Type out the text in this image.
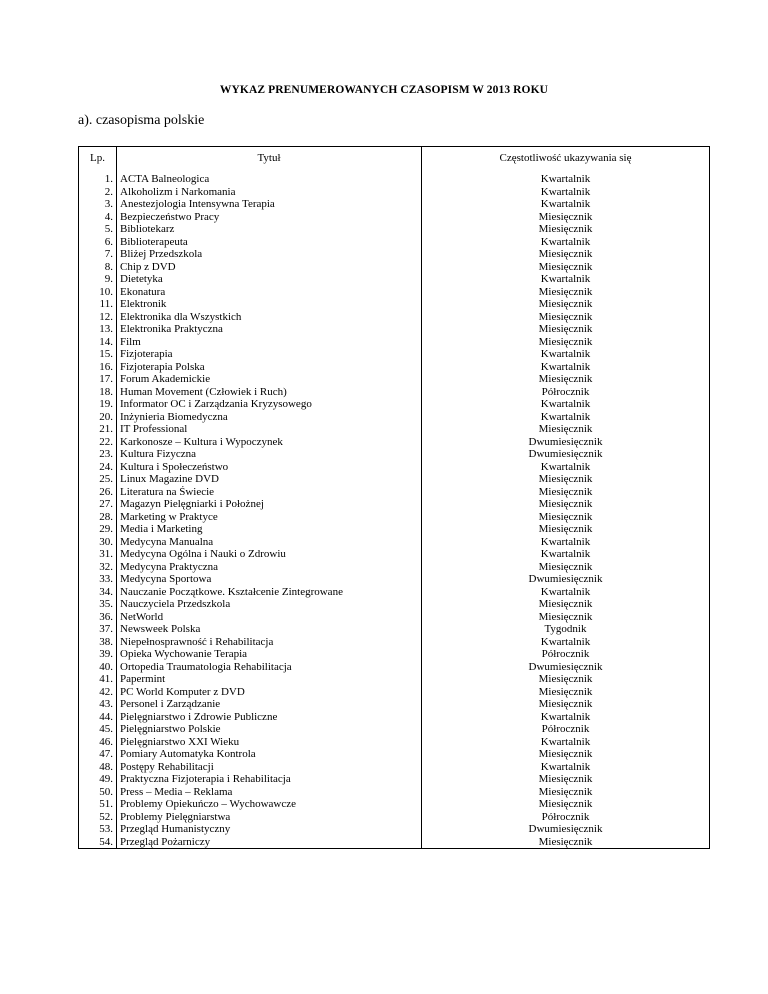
WYKAZ PRENUMEROWANYCH CZASOPISM W 2013 ROKU
a). czasopisma polskie
Lp.	Tytuł	Częstotliwość ukazywania się
1.	ACTA Balneologica	Kwartalnik
2.	Alkoholizm i Narkomania	Kwartalnik
3.	Anestezjologia Intensywna Terapia	Kwartalnik
4.	Bezpieczeństwo Pracy	Miesięcznik
5.	Bibliotekarz	Miesięcznik
6.	Biblioterapeuta	Kwartalnik
7.	Bliżej Przedszkola	Miesięcznik
8.	Chip z DVD	Miesięcznik
9.	Dietetyka	Kwartalnik
10.	Ekonatura	Miesięcznik
11.	Elektronik	Miesięcznik
12.	Elektronika dla Wszystkich	Miesięcznik
13.	Elektronika Praktyczna	Miesięcznik
14.	Film	Miesięcznik
15.	Fizjoterapia	Kwartalnik
16.	Fizjoterapia Polska	Kwartalnik
17.	Forum Akademickie	Miesięcznik
18.	Human Movement (Człowiek i Ruch)	Półrocznik
19.	Informator OC i Zarządzania Kryzysowego	Kwartalnik
20.	Inżynieria Biomedyczna	Kwartalnik
21.	IT Professional	Miesięcznik
22.	Karkonosze – Kultura i Wypoczynek	Dwumiesięcznik
23.	Kultura Fizyczna	Dwumiesięcznik
24.	Kultura i Społeczeństwo	Kwartalnik
25.	Linux Magazine DVD	Miesięcznik
26.	Literatura na Świecie	Miesięcznik
27.	Magazyn Pielęgniarki i Położnej	Miesięcznik
28.	Marketing w Praktyce	Miesięcznik
29.	Media i Marketing	Miesięcznik
30.	Medycyna Manualna	Kwartalnik
31.	Medycyna Ogólna i Nauki o Zdrowiu	Kwartalnik
32.	Medycyna Praktyczna	Miesięcznik
33.	Medycyna Sportowa	Dwumiesięcznik
34.	Nauczanie Początkowe. Kształcenie Zintegrowane	Kwartalnik
35.	Nauczyciela Przedszkola	Miesięcznik
36.	NetWorld	Miesięcznik
37.	Newsweek Polska	Tygodnik
38.	Niepełnosprawność i Rehabilitacja	Kwartalnik
39.	Opieka Wychowanie Terapia	Półrocznik
40.	Ortopedia Traumatologia Rehabilitacja	Dwumiesięcznik
41.	Papermint	Miesięcznik
42.	PC World Komputer z DVD	Miesięcznik
43.	Personel i Zarządzanie	Miesięcznik
44.	Pielęgniarstwo i Zdrowie Publiczne	Kwartalnik
45.	Pielęgniarstwo Polskie	Półrocznik
46.	Pielęgniarstwo XXI Wieku	Kwartalnik
47.	Pomiary Automatyka Kontrola	Miesięcznik
48.	Postępy Rehabilitacji	Kwartalnik
49.	Praktyczna Fizjoterapia i Rehabilitacja	Miesięcznik
50.	Press – Media – Reklama	Miesięcznik
51.	Problemy Opiekuńczo – Wychowawcze	Miesięcznik
52.	Problemy Pielęgniarstwa	Półrocznik
53.	Przegląd Humanistyczny	Dwumiesięcznik
54.	Przegląd Pożarniczy	Miesięcznik
